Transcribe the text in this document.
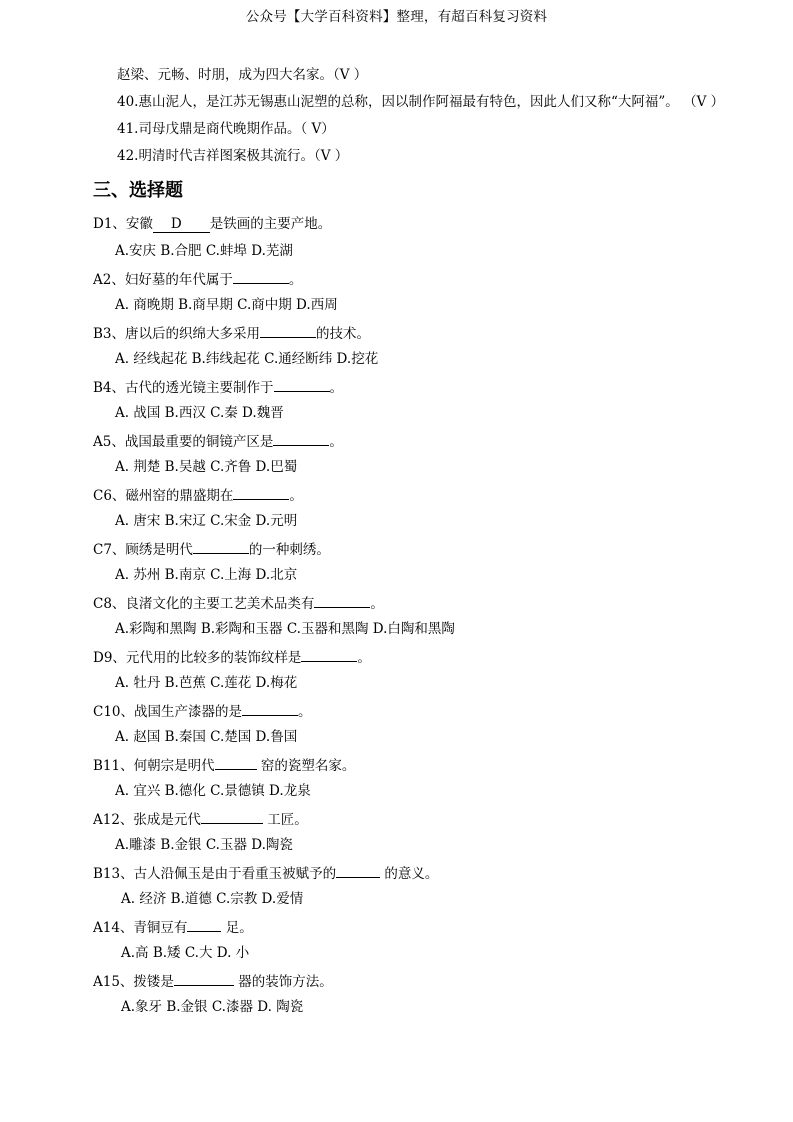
公众号【大学百科资料】整理，有超百科复习资料
赵梁、元畅、时朋，成为四大名家。（V ）
40.惠山泥人，是江苏无锡惠山泥塑的总称，因以制作阿福最有特色，因此人们又称“大阿福”。 （V ）
41.司母戊鼎是商代晚期作品。（ V）
42.明清时代吉祥图案极其流行。（V ）
三、选择题
D1、安徽 D 是铁画的主要产地。
A.安庆 B.合肥 C.蚌埠 D.芜湖
A2、妇好墓的年代属于	。
A. 商晚期 B.商早期 C.商中期 D.西周
B3、唐以后的织绵大多采用	的技术。
A. 经线起花 B.纬线起花 C.通经断纬 D.挖花
B4、古代的透光镜主要制作于	。
A. 战国 B.西汉 C.秦 D.魏晋
A5、战国最重要的铜镜产区是	。
A. 荆楚 B.吴越 C.齐鲁 D.巴蜀
C6、磁州窑的鼎盛期在	。
A. 唐宋 B.宋辽 C.宋金 D.元明
C7、顾绣是明代	的一种刺绣。
A. 苏州 B.南京 C.上海 D.北京
C8、良渚文化的主要工艺美术品类有	。
A.彩陶和黑陶 B.彩陶和玉器 C.玉器和黑陶 D.白陶和黑陶
D9、元代用的比较多的装饰纹样是	。
A. 牡丹 B.芭蕉 C.莲花 D.梅花
C10、战国生产漆器的是	。
A. 赵国 B.秦国 C.楚国 D.鲁国
B11、何朝宗是明代	窑的瓷塑名家。
A. 宜兴 B.德化 C.景德镇 D.龙泉
A12、张成是元代	工匠。
A.雕漆 B.金银 C.玉器 D.陶瓷
B13、古人沿佩玉是由于看重玉被赋予的	的意义。
A. 经济 B.道德 C.宗教 D.爱情
A14、青铜豆有	足。
A.高 B.矮 C.大 D. 小
A15、拨镂是	器的装饰方法。
A.象牙 B.金银 C.漆器 D. 陶瓷
